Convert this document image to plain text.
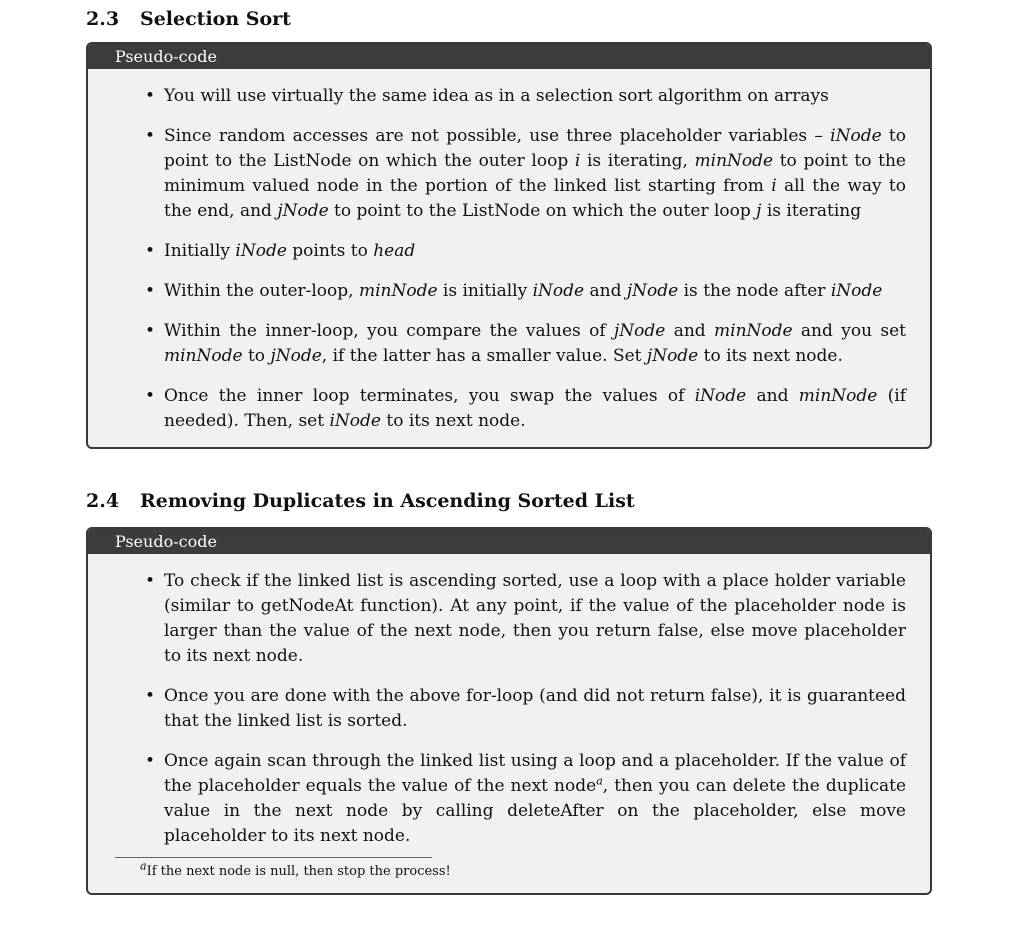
2.3 Selection Sort
Pseudo-code
• You will use virtually the same idea as in a selection sort algorithm on arrays
• Since random accesses are not possible, use three placeholder variables – iNode to point to the ListNode on which the outer loop i is iterating, minNode to point to the minimum valued node in the portion of the linked list starting from i all the way to the end, and jNode to point to the ListNode on which the outer loop j is iterating
• Initially iNode points to head
• Within the outer-loop, minNode is initially iNode and jNode is the node after iNode
• Within the inner-loop, you compare the values of jNode and minNode and you set minNode to jNode, if the latter has a smaller value. Set jNode to its next node.
• Once the inner loop terminates, you swap the values of iNode and minNode (if needed). Then, set iNode to its next node.
2.4 Removing Duplicates in Ascending Sorted List
Pseudo-code
• To check if the linked list is ascending sorted, use a loop with a place holder variable (similar to getNodeAt function). At any point, if the value of the placeholder node is larger than the value of the next node, then you return false, else move placeholder to its next node.
• Once you are done with the above for-loop (and did not return false), it is guaranteed that the linked list is sorted.
• Once again scan through the linked list using a loop and a placeholder. If the value of the placeholder equals the value of the next node$^a$, then you can delete the duplicate value in the next node by calling deleteAfter on the placeholder, else move placeholder to its next node.
$^a$If the next node is null, then stop the process!
